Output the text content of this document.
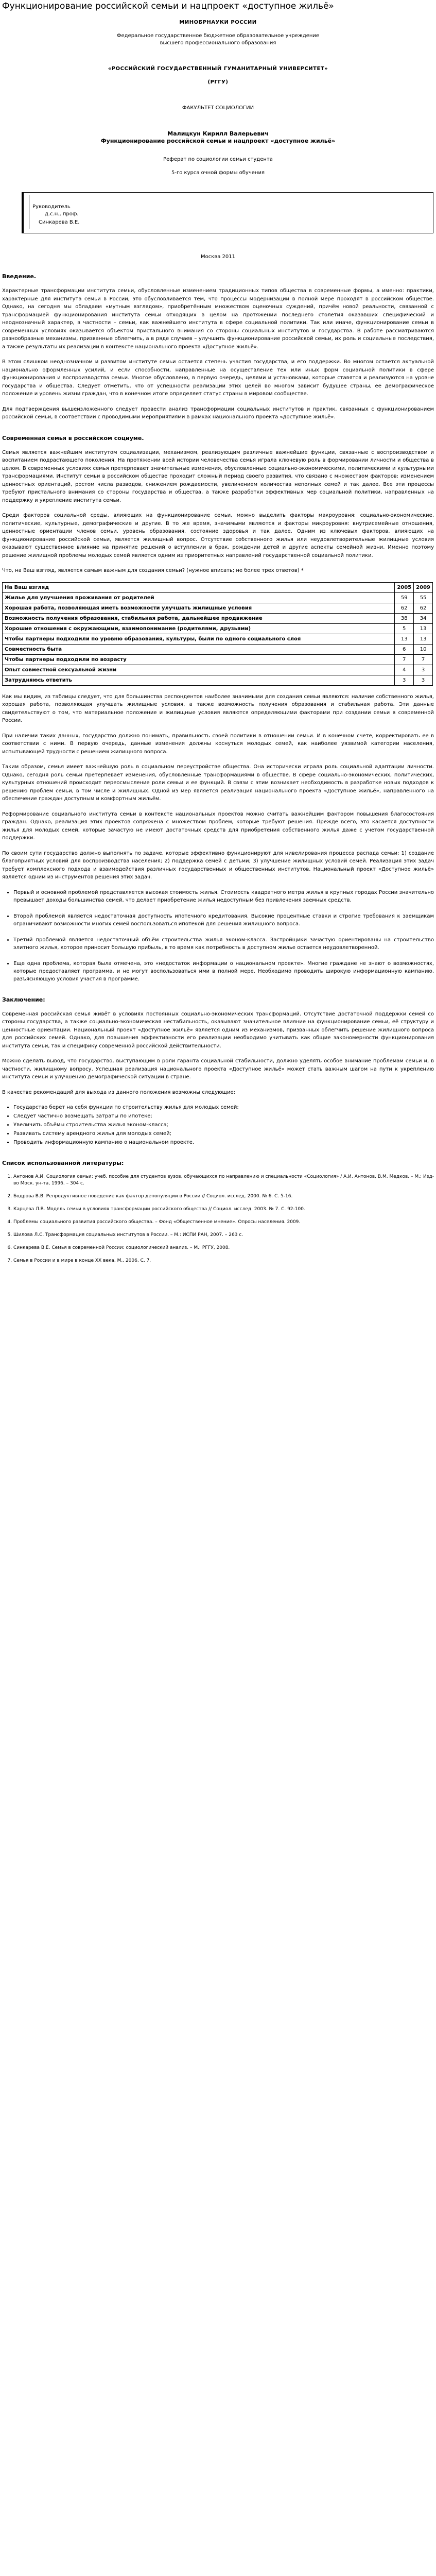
Функционирование российской семьи и нацпроект «доступное жильё»

МИНОБРНАУКИ РОССИИ

Федеральное государственное бюджетное образовательное учреждение

высшего профессионального образования

«РОССИЙСКИЙ ГОСУДАРСТВЕННЫЙ ГУМАНИТАРНЫЙ УНИВЕРСИТЕТ»

(РГГУ)

ФАКУЛЬТЕТ СОЦИОЛОГИИ

Малицкун Кирилл Валерьевич

Функционирование российской семьи и нацпроект «доступное жильё»

Реферат по социологии семьи студента

5-го курса очной формы обучения

Руководитель
д.с.н., проф.
Синкарева В.Е.
Москва 2011
Введение.

Характерные трансформации института семьи, обусловленные изменением традиционных типов общества в современные формы, а именно: практики, характерные для института семьи в России, это обусловливается тем, что процессы модернизации в полной мере проходят в российском обществе. Однако, на сегодня мы обладаем «мутным взглядом», приобретённым множеством оценочных суждений, причём новой реальности, связанной с трансформацией функционирования института семьи отходящих в целом на протяжении последнего столетия оказавших специфический и неоднозначный характер, в частности – семьи, как важнейшего института в сфере социальной политики. Так или иначе, функционирование семьи в современных условиях оказывается объектом пристального внимания со стороны социальных институтов и государства. В работе рассматриваются разнообразные механизмы, призванные облегчить, а в ряде случаев – улучшить функционирование российской семьи, их роль и социальные последствия, а также результаты их реализации в контексте национального проекта «Доступное жильё».

В этом слишком неоднозначном и развитом институте семьи остается степень участия государства, и его поддержки. Во многом остается актуальной национально оформленных усилий, и если способности, направленные на осуществление тех или иных форм социальной политики в сфере функционирования и воспроизводства семьи. Многое обусловлено, в первую очередь, целями и установками, которые ставятся и реализуются на уровне государства и общества. Следует отметить, что от успешности реализации этих целей во многом зависит будущее страны, ее демографическое положение и уровень жизни граждан, что в конечном итоге определяет статус страны в мировом сообществе.

Для подтверждения вышеизложенного следует провести анализ трансформации социальных институтов и практик, связанных с функционированием российской семьи, в соответствии с проводимыми мероприятиями в рамках национального проекта «доступное жильё».

Современная семья в российском социуме.

Семья является важнейшим институтом социализации, механизмом, реализующим различные важнейшие функции, связанные с воспроизводством и воспитанием подрастающего поколения. На протяжении всей истории человечества семья играла ключевую роль в формировании личности и общества в целом. В современных условиях семья претерпевает значительные изменения, обусловленные социально-экономическими, политическими и культурными трансформациями. Институт семьи в российском обществе проходит сложный период своего развития, что связано с множеством факторов: изменением ценностных ориентаций, ростом числа разводов, снижением рождаемости, увеличением количества неполных семей и так далее. Все эти процессы требуют пристального внимания со стороны государства и общества, а также разработки эффективных мер социальной политики, направленных на поддержку и укрепление института семьи.

Среди факторов социальной среды, влияющих на функционирование семьи, можно выделить факторы макроуровня: социально-экономические, политические, культурные, демографические и другие. В то же время, значимыми являются и факторы микроуровня: внутрисемейные отношения, ценностные ориентации членов семьи, уровень образования, состояние здоровья и так далее. Одним из ключевых факторов, влияющих на функционирование российской семьи, является жилищный вопрос. Отсутствие собственного жилья или неудовлетворительные жилищные условия оказывают существенное влияние на принятие решений о вступлении в брак, рождении детей и другие аспекты семейной жизни. Именно поэтому решение жилищной проблемы молодых семей является одним из приоритетных направлений государственной социальной политики.

Что, на Ваш взгляд, является самым важным для создания семьи? (нужное вписать; не более трех ответов) *

На Ваш взгляд	2005	2009
Жилье для улучшения проживания от родителей	59	55
Хорошая работа, позволяющая иметь возможности улучшать жилищные условия	62	62
Возможность получения образования, стабильная работа, дальнейшее продвижение	38	34
Хорошие отношения с окружающими, взаимопонимание (родителями, друзьями)	5	13
Чтобы партнеры подходили по уровню образования, культуры, были по одного социального слоя	13	13
Совместность быта	6	10
Чтобы партнеры подходили по возрасту	7	7
Опыт совместной сексуальной жизни	4	3
Затрудняюсь ответить	3	3

Как мы видим, из таблицы следует, что для большинства респондентов наиболее значимыми для создания семьи являются: наличие собственного жилья, хорошая работа, позволяющая улучшать жилищные условия, а также возможность получения образования и стабильная работа. Эти данные свидетельствуют о том, что материальное положение и жилищные условия являются определяющими факторами при создании семьи в современной России.

При наличии таких данных, государство должно понимать, правильность своей политики в отношении семьи. И в конечном счете, корректировать ее в соответствии с ними. В первую очередь, данные изменения должны коснуться молодых семей, как наиболее уязвимой категории населения, испытывающей трудности с решением жилищного вопроса.

Таким образом, семья имеет важнейшую роль в социальном переустройстве общества. Она исторически играла роль социальной адаптации личности. Однако, сегодня роль семьи претерпевает изменения, обусловленные трансформациями в обществе. В сфере социально-экономических, политических, культурных отношений происходит переосмысление роли семьи и ее функций. В связи с этим возникает необходимость в разработке новых подходов к решению проблем семьи, в том числе и жилищных. Одной из мер является реализация национального проекта «Доступное жильё», направленного на обеспечение граждан доступным и комфортным жильём.

Реформирование социального института семьи в контексте национальных проектов можно считать важнейшим фактором повышения благосостояния граждан. Однако, реализация этих проектов сопряжена с множеством проблем, которые требуют решения. Прежде всего, это касается доступности жилья для молодых семей, которые зачастую не имеют достаточных средств для приобретения собственного жилья даже с учетом государственной поддержки.

По своим сути государство должно выполнять по задаче, которые эффективно функционируют для нивелирования процесса распада семьи: 1) создание благоприятных условий для воспроизводства населения; 2) поддержка семей с детьми; 3) улучшение жилищных условий семей. Реализация этих задач требует комплексного подхода и взаимодействия различных государственных и общественных институтов. Национальный проект «Доступное жильё» является одним из инструментов решения этих задач.

• Первый и основной проблемой представляется высокая стоимость жилья. Стоимость квадратного метра жилья в крупных городах России значительно превышает доходы большинства семей, что делает приобретение жилья недоступным без привлечения заемных средств.
• Второй проблемой является недостаточная доступность ипотечного кредитования. Высокие процентные ставки и строгие требования к заемщикам ограничивают возможности многих семей воспользоваться ипотекой для решения жилищного вопроса.
• Третий проблемой является недостаточный объём строительства жилья эконом-класса. Застройщики зачастую ориентированы на строительство элитного жилья, которое приносит большую прибыль, в то время как потребность в доступном жилье остается неудовлетворенной.
• Еще одна проблема, которая была отмечена, это «недостаток информации о национальном проекте». Многие граждане не знают о возможностях, которые предоставляет программа, и не могут воспользоваться ими в полной мере. Необходимо проводить широкую информационную кампанию, разъясняющую условия участия в программе.
Заключение:

Современная российская семья живёт в условиях постоянных социально-экономических трансформаций. Отсутствие достаточной поддержки семей со стороны государства, а также социально-экономическая нестабильность, оказывают значительное влияние на функционирование семьи, её структуру и ценностные ориентации. Национальный проект «Доступное жильё» является одним из механизмов, призванных облегчить решение жилищного вопроса для российских семей. Однако, для повышения эффективности его реализации необходимо учитывать как общие закономерности функционирования института семьи, так и специфику современной российской действительности.

Можно сделать вывод, что государство, выступающим в роли гаранта социальной стабильности, должно уделять особое внимание проблемам семьи и, в частности, жилищному вопросу. Успешная реализация национального проекта «Доступное жильё» может стать важным шагом на пути к укреплению института семьи и улучшению демографической ситуации в стране.

В качестве рекомендаций для выхода из данного положения возможны следующие:

• Государство берёт на себя функции по строительству жилья для молодых семей;
• Следует частично возмещать затраты по ипотеке;
• Увеличить объёмы строительства жилья эконом-класса;
• Развивать систему арендного жилья для молодых семей;
• Проводить информационную кампанию о национальном проекте.
Список использованной литературы:
1. Антонов А.И. Социология семьи: учеб. пособие для студентов вузов, обучающихся по направлению и специальности «Социология» / А.И. Антонов, В.М. Медков. – М.: Изд-во Моск. ун-та, 1996. – 304 с.
2. Бодрова В.В. Репродуктивное поведение как фактор депопуляции в России // Социол. исслед. 2000. № 6. С. 5-16.
3. Карцева Л.В. Модель семьи в условиях трансформации российского общества // Социол. исслед. 2003. № 7. С. 92-100.
4. Проблемы социального развития российского общества. – Фонд «Общественное мнение». Опросы населения. 2009.
5. Шилова Л.С. Трансформация социальных институтов в России. – М.: ИСПИ РАН, 2007. – 263 с.
6. Синкарева В.Е. Семья в современной России: социологический анализ. – М.: РГГУ, 2008.
7. Семья в России и в мире в конце XX века. М., 2006. С. 7.
